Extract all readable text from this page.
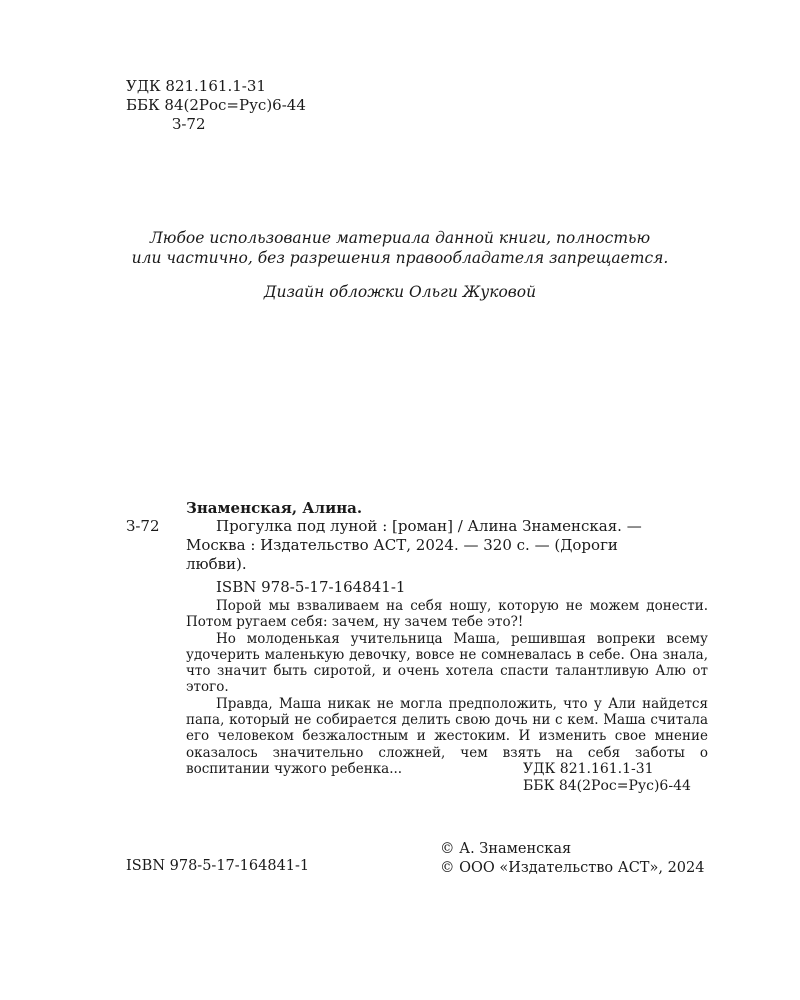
УДК 821.161.1-31
ББК 84(2Рос=Рус)6-44
З-72
Любое использование материала данной книги, полностью
или частично, без разрешения правообладателя запрещается.
Дизайн обложки Ольги Жуковой
Знаменская, Алина.
З-72	Прогулка под луной : [роман] / Алина Знаменская. —
Москва : Издательство АСТ, 2024. — 320 с. — (Дороги
любви).
ISBN 978-5-17-164841-1

Порой мы взваливаем на себя ношу, которую не можем донести. Потом ругаем себя: зачем, ну зачем тебе это?!

Но молоденькая учительница Маша, решившая вопреки всему удочерить маленькую девочку, вовсе не сомневалась в себе. Она знала, что значит быть сиротой, и очень хотела спасти талантливую Алю от этого.

Правда, Маша никак не могла предположить, что у Али найдется папа, который не собирается делить свою дочь ни с кем. Маша считала его человеком безжалостным и жестоким. И изменить свое мнение оказалось значительно сложней, чем взять на себя заботы о воспитании чужого ребенка...	УДК 821.161.1-31
ББК 84(2Рос=Рус)6-44
© А. Знаменская
© ООО «Издательство АСТ», 2024
ISBN 978-5-17-164841-1
